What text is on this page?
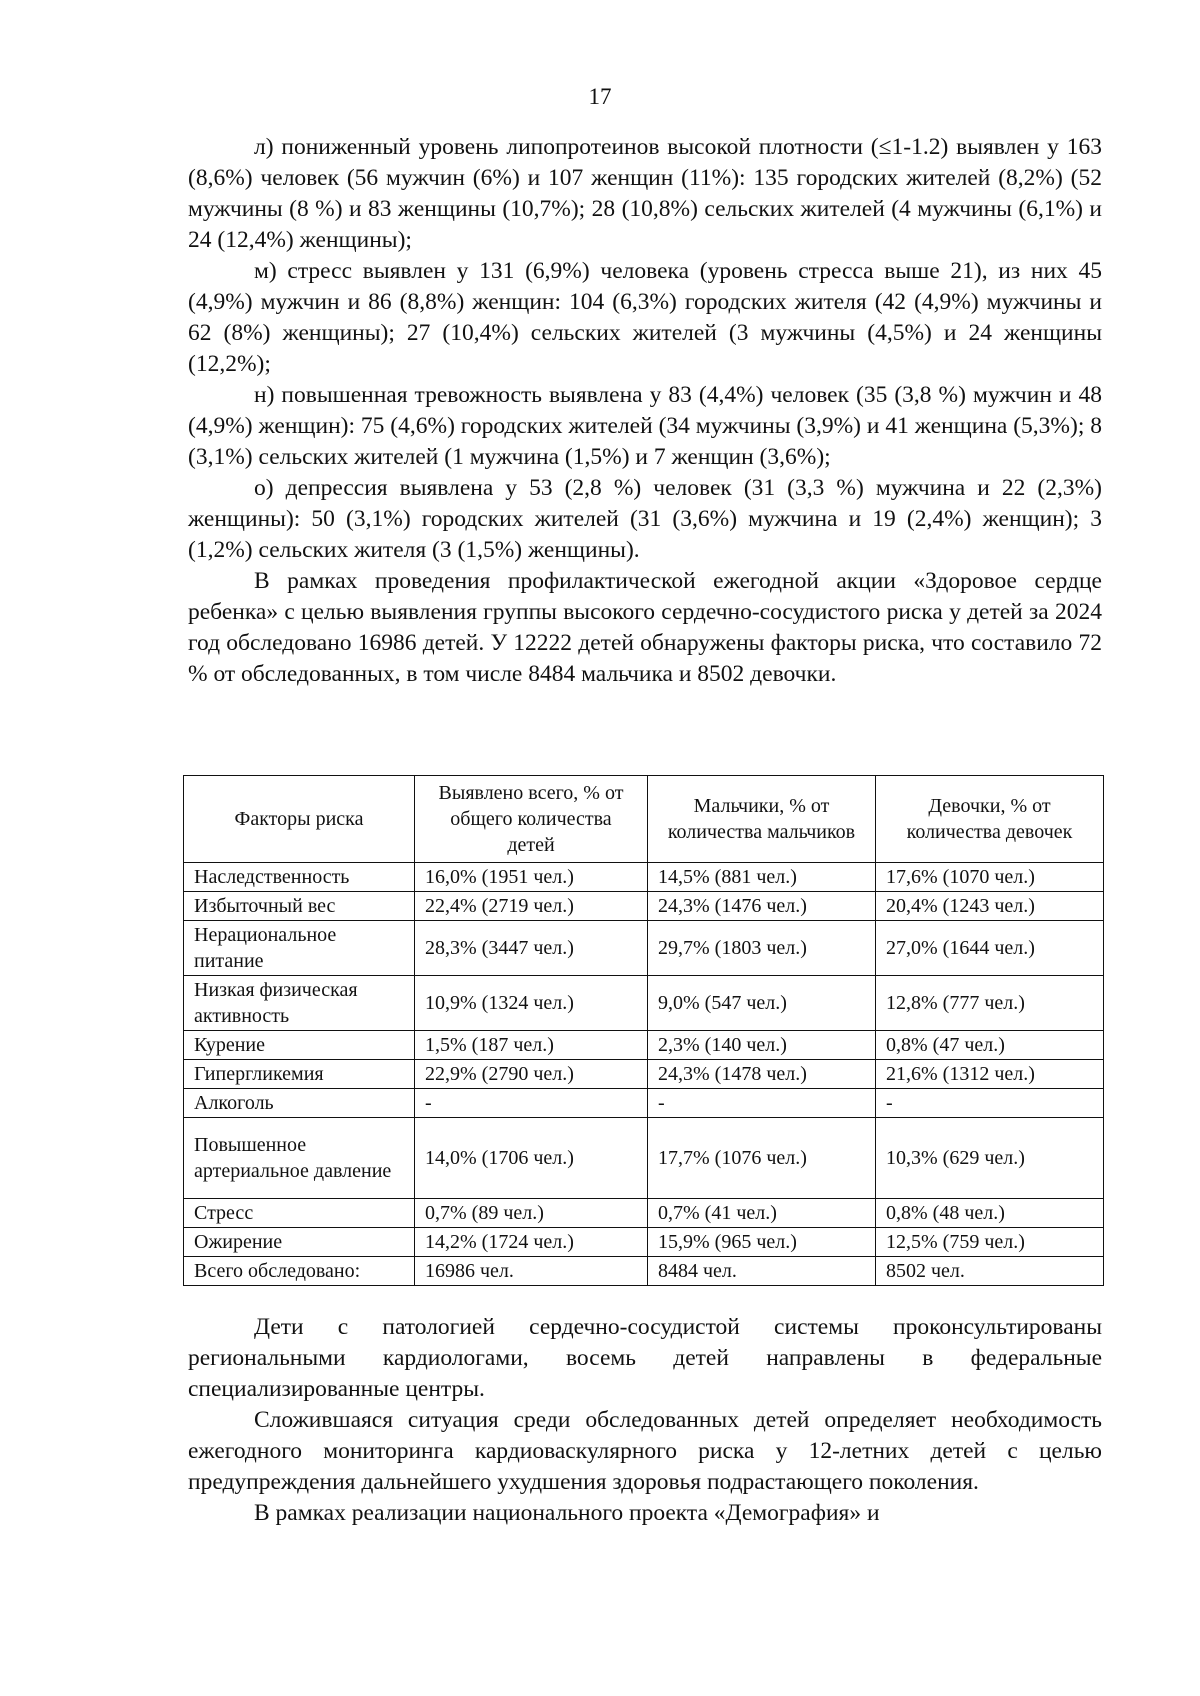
17

л) пониженный уровень липопротеинов высокой плотности (≤1-1.2) выявлен у 163 (8,6%) человек (56 мужчин (6%) и 107 женщин (11%): 135 городских жителей (8,2%) (52 мужчины (8 %) и 83 женщины (10,7%); 28 (10,8%) сельских жителей (4 мужчины (6,1%) и 24 (12,4%) женщины);

м) стресс выявлен у 131 (6,9%) человека (уровень стресса выше 21), из них 45 (4,9%) мужчин и 86 (8,8%) женщин: 104 (6,3%) городских жителя (42 (4,9%) мужчины и 62 (8%) женщины); 27 (10,4%) сельских жителей (3 мужчины (4,5%) и 24 женщины (12,2%);

н) повышенная тревожность выявлена у 83 (4,4%) человек (35 (3,8 %) мужчин и 48 (4,9%) женщин): 75 (4,6%) городских жителей (34 мужчины (3,9%) и 41 женщина (5,3%); 8 (3,1%) сельских жителей (1 мужчина (1,5%) и 7 женщин (3,6%);

о) депрессия выявлена у 53 (2,8 %) человек (31 (3,3 %) мужчина и 22 (2,3%) женщины): 50 (3,1%) городских жителей (31 (3,6%) мужчина и 19 (2,4%) женщин); 3 (1,2%) сельских жителя (3 (1,5%) женщины).

В рамках проведения профилактической ежегодной акции «Здоровое сердце ребенка» с целью выявления группы высокого сердечно-сосудистого риска у детей за 2024 год обследовано 16986 детей. У 12222 детей обнаружены факторы риска, что составило 72 % от обследованных, в том числе 8484 мальчика и 8502 девочки.

Факторы риска	Выявлено всего, % от общего количества детей	Мальчики, % от количества мальчиков	Девочки, % от количества девочек
Наследственность	16,0% (1951 чел.)	14,5% (881 чел.)	17,6% (1070 чел.)
Избыточный вес	22,4% (2719 чел.)	24,3% (1476 чел.)	20,4% (1243 чел.)
Нерациональное питание	28,3% (3447 чел.)	29,7% (1803 чел.)	27,0% (1644 чел.)
Низкая физическая активность	10,9% (1324 чел.)	9,0% (547 чел.)	12,8% (777 чел.)
Курение	1,5% (187 чел.)	2,3% (140 чел.)	0,8% (47 чел.)
Гипергликемия	22,9% (2790 чел.)	24,3% (1478 чел.)	21,6% (1312 чел.)
Алкоголь	-	-	-
Повышенное артериальное давление	14,0% (1706 чел.)	17,7% (1076 чел.)	10,3% (629 чел.)
Стресс	0,7% (89 чел.)	0,7% (41 чел.)	0,8% (48 чел.)
Ожирение	14,2% (1724 чел.)	15,9% (965 чел.)	12,5% (759 чел.)
Всего обследовано:	16986 чел.	8484 чел.	8502 чел.

Дети с патологией сердечно-сосудистой системы проконсультированы региональными кардиологами, восемь детей направлены в федеральные специализированные центры.

Сложившаяся ситуация среди обследованных детей определяет необходимость ежегодного мониторинга кардиоваскулярного риска у 12-летних детей с целью предупреждения дальнейшего ухудшения здоровья подрастающего поколения.

В рамках реализации национального проекта «Демография» и
